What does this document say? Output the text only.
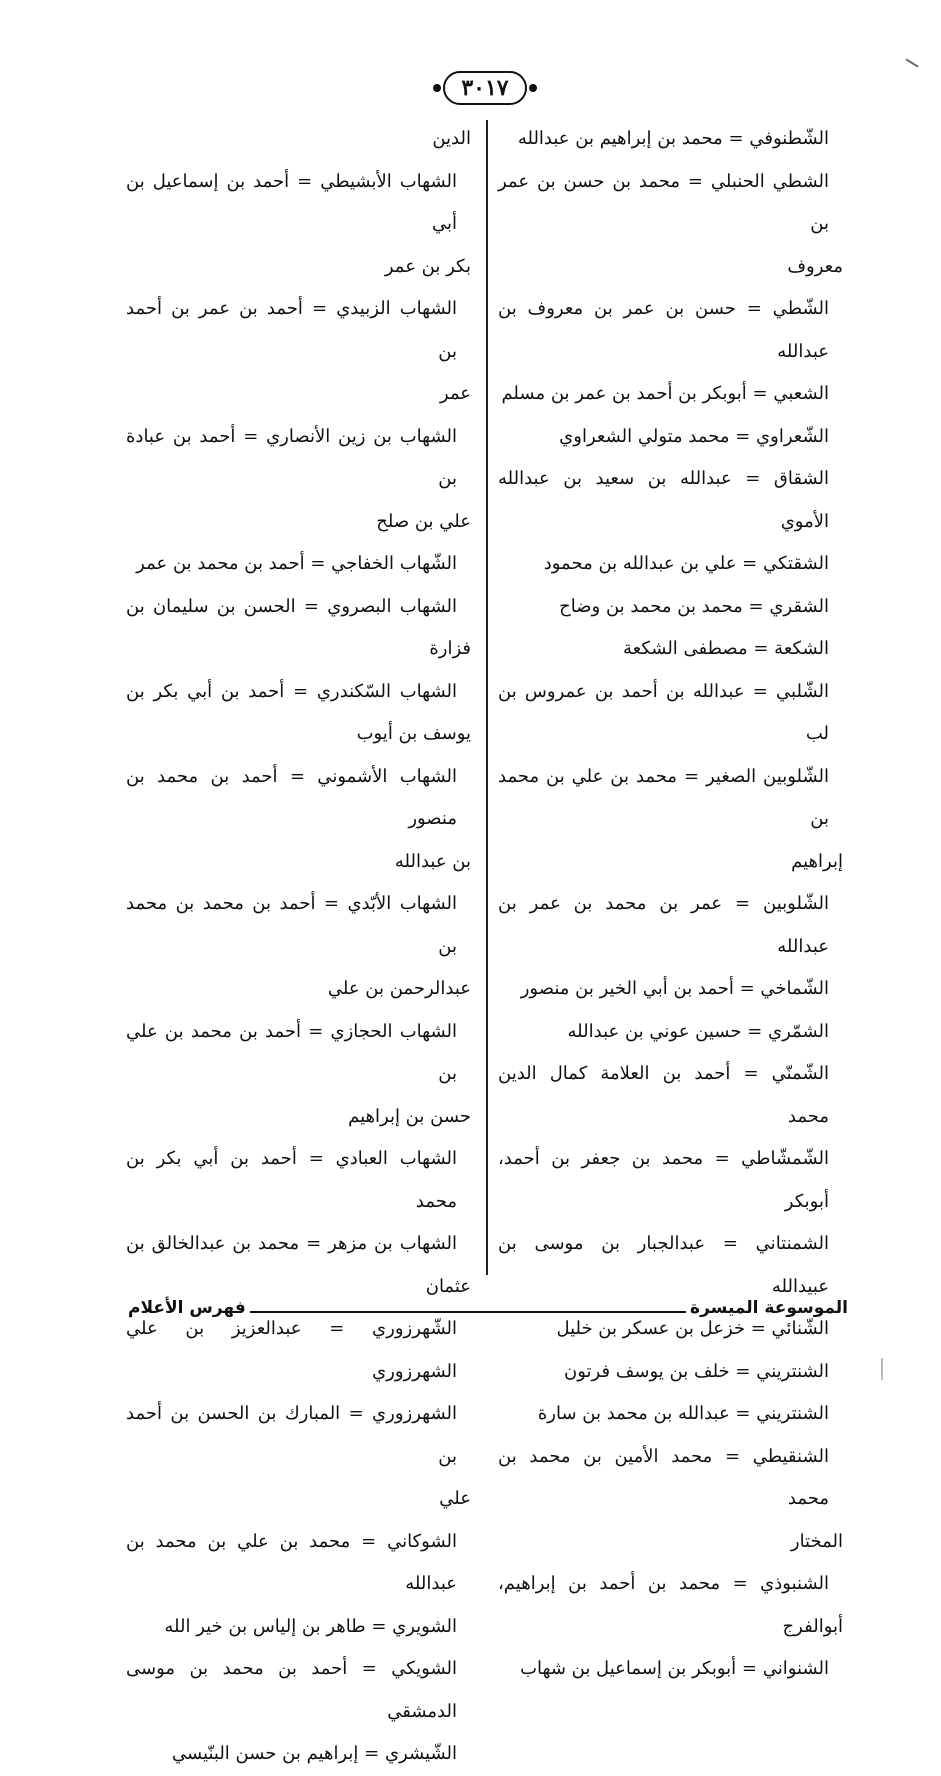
٣٠١٧
الشّطنوفي = محمد بن إبراهيم بن عبدالله
الشطي الحنبلي = محمد بن حسن بن عمر بن
معروف
الشّطي = حسن بن عمر بن معروف بن عبدالله
الشعبي = أبوبكر بن أحمد بن عمر بن مسلم
الشّعراوي = محمد متولي الشعراوي
الشقاق = عبدالله بن سعيد بن عبدالله الأموي
الشقتكي = علي بن عبدالله بن محمود
الشقري = محمد بن محمد بن وضاح
الشكعة = مصطفى الشكعة
الشّلبي = عبدالله بن أحمد بن عمروس بن لب
الشّلوبين الصغير = محمد بن علي بن محمد بن
إبراهيم
الشّلوبين = عمر بن محمد بن عمر بن عبدالله
الشّماخي = أحمد بن أبي الخير بن منصور
الشمّري = حسين عوني بن عبدالله
الشّمنّي = أحمد بن العلامة كمال الدين محمد
الشّمشّاطي = محمد بن جعفر بن أحمد، أبوبكر
الشمنتاني = عبدالجبار بن موسى بن عبيدالله
الشّنائي = خزعل بن عسكر بن خليل
الشنتريني = خلف بن يوسف فرتون
الشنتريني = عبدالله بن محمد بن سارة
الشنقيطي = محمد الأمين بن محمد بن محمد
المختار
الشنبوذي = محمد بن أحمد بن إبراهيم،
أبوالفرج
الشنواني = أبوبكر بن إسماعيل بن شهاب
الدين
الشهاب الأبشيطي = أحمد بن إسماعيل بن أبي
بكر بن عمر
الشهاب الزبيدي = أحمد بن عمر بن أحمد بن
عمر
الشهاب بن زين الأنصاري = أحمد بن عبادة بن
علي بن صلح
الشّهاب الخفاجي = أحمد بن محمد بن عمر
الشهاب البصروي = الحسن بن سليمان بن
فزارة
الشهاب السّكندري = أحمد بن أبي بكر بن
يوسف بن أيوب
الشهاب الأشموني = أحمد بن محمد بن منصور
بن عبدالله
الشهاب الأبّدي = أحمد بن محمد بن محمد بن
عبدالرحمن بن علي
الشهاب الحجازي = أحمد بن محمد بن علي بن
حسن بن إبراهيم
الشهاب العبادي = أحمد بن أبي بكر بن محمد
الشهاب بن مزهر = محمد بن عبدالخالق بن
عثمان
الشّهرزوري = عبدالعزيز بن علي الشهرزوري
الشهرزوري = المبارك بن الحسن بن أحمد بن
علي
الشوكاني = محمد بن علي بن محمد بن عبدالله
الشويري = طاهر بن إلياس بن خير الله
الشويكي = أحمد بن محمد بن موسى الدمشقي
الشّيشري = إبراهيم بن حسن البنّيسي
الموسوعة الميسرة
فهرس الأعلام
